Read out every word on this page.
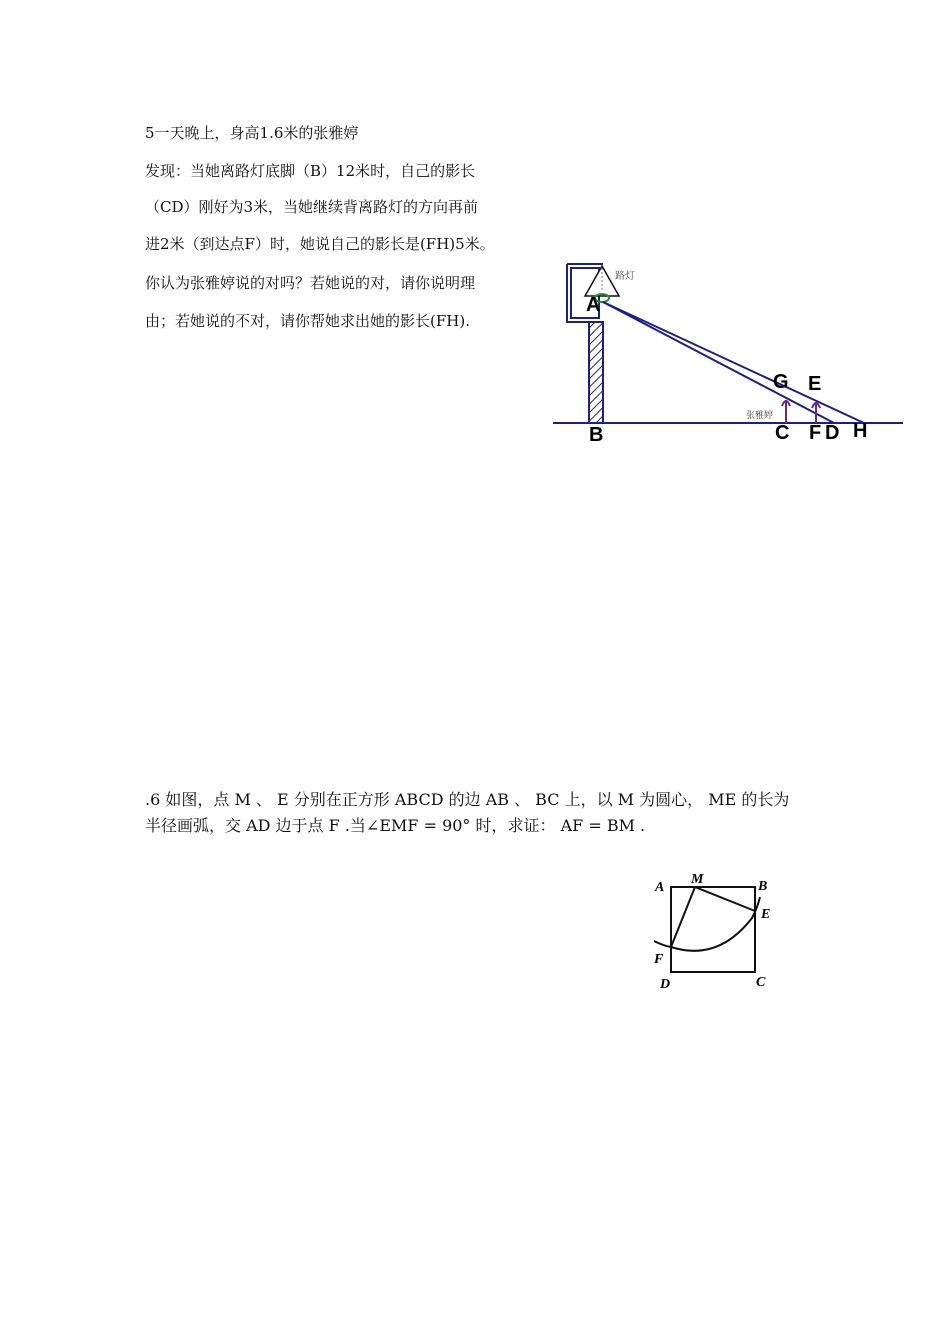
5一天晚上，身高1.6米的张雅婷
发现：当她离路灯底脚（B）12米时，自己的影长
（CD）刚好为3米，当她继续背离路灯的方向再前
进2米（到达点F）时，她说自己的影长是(FH)5米。
你认为张雅婷说的对吗？若她说的对，请你说明理
由；若她说的不对，请你帮她求出她的影长(FH).
路灯
张雅婷
A
B	C F D H
G E
.6 如图，点 M 、 E 分别在正方形 ABCD 的边 AB 、 BC 上，以 M 为圆心， ME 的长为
半径画弧，交 AD 边于点 F .当∠EMF = 90° 时，求证： AF = BM .
A
M	B
E
F
D	C
